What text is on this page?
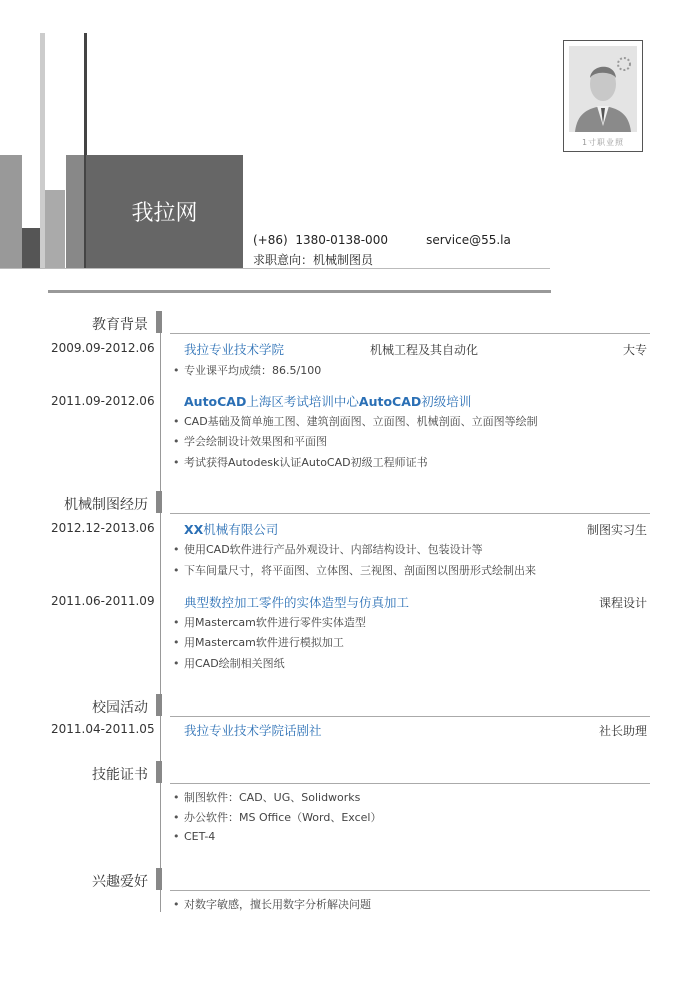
我拉网
(+86)  1380-0138-000          service@55.la
求职意向：机械制图员
1寸职业照
教育背景
2009.09-2012.06 我拉专业技术学院	机械工程及其自动化	大专
• 专业课平均成绩：86.5/100
2011.09-2012.06 AutoCAD上海区考试培训中心AutoCAD初级培训
• CAD基础及简单施工图、建筑剖面图、立面图、机械剖面、立面图等绘制
• 学会绘制设计效果图和平面图
• 考试获得Autodesk认证AutoCAD初级工程师证书
机械制图经历
2012.12-2013.06 XX机械有限公司	制图实习生
• 使用CAD软件进行产品外观设计、内部结构设计、包装设计等
• 下车间量尺寸，将平面图、立体图、三视图、剖面图以图册形式绘制出来
2011.06-2011.09 典型数控加工零件的实体造型与仿真加工	课程设计
• 用Mastercam软件进行零件实体造型
• 用Mastercam软件进行模拟加工
• 用CAD绘制相关图纸
校园活动
2011.04-2011.05 我拉专业技术学院话剧社	社长助理
技能证书
• 制图软件：CAD、UG、Solidworks
• 办公软件：MS Office（Word、Excel）
• CET-4
兴趣爱好
• 对数字敏感，擅长用数字分析解决问题
